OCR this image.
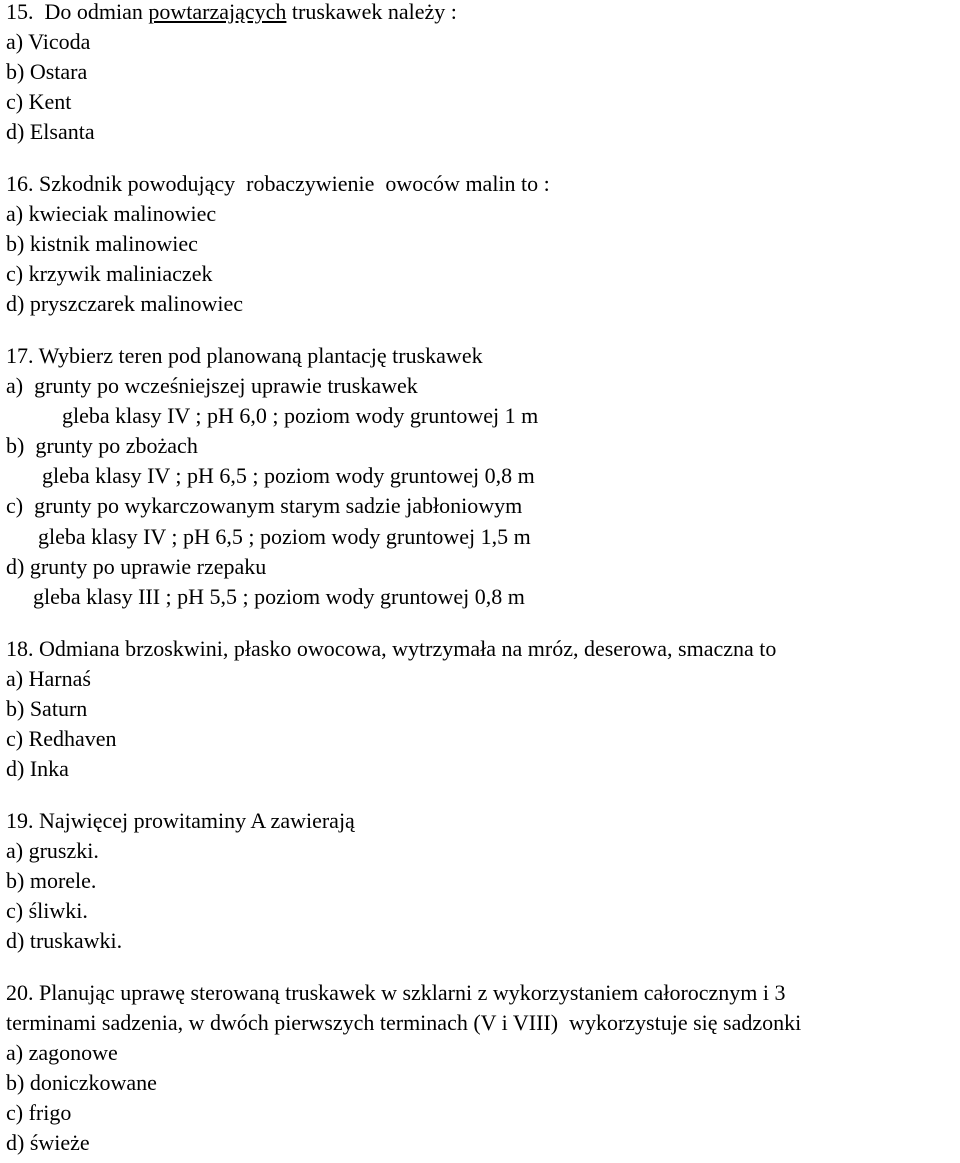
15. Do odmian powtarzających truskawek należy :
a) Vicoda
b) Ostara
c) Kent
d) Elsanta
16. Szkodnik powodujący  robaczywienie  owoców malin to :
a) kwieciak malinowiec
b) kistnik malinowiec
c) krzywik maliniaczek
d) pryszczarek malinowiec
17. Wybierz teren pod planowaną plantację truskawek
a)  grunty po wcześniejszej uprawie truskawek
gleba klasy IV ; pH 6,0 ; poziom wody gruntowej 1 m
b)  grunty po zbożach
gleba klasy IV ; pH 6,5 ; poziom wody gruntowej 0,8 m
c)  grunty po wykarczowanym starym sadzie jabłoniowym
gleba klasy IV ; pH 6,5 ; poziom wody gruntowej 1,5 m
d) grunty po uprawie rzepaku
gleba klasy III ; pH 5,5 ; poziom wody gruntowej 0,8 m
18. Odmiana brzoskwini, płasko owocowa, wytrzymała na mróz, deserowa, smaczna to
a) Harnaś
b) Saturn
c) Redhaven
d) Inka
19. Najwięcej prowitaminy A zawierają
a) gruszki.
b) morele.
c) śliwki.
d) truskawki.
20. Planując uprawę sterowaną truskawek w szklarni z wykorzystaniem całorocznym i 3
terminami sadzenia, w dwóch pierwszych terminach (V i VIII)  wykorzystuje się sadzonki
a) zagonowe
b) doniczkowane
c) frigo
d) świeże
